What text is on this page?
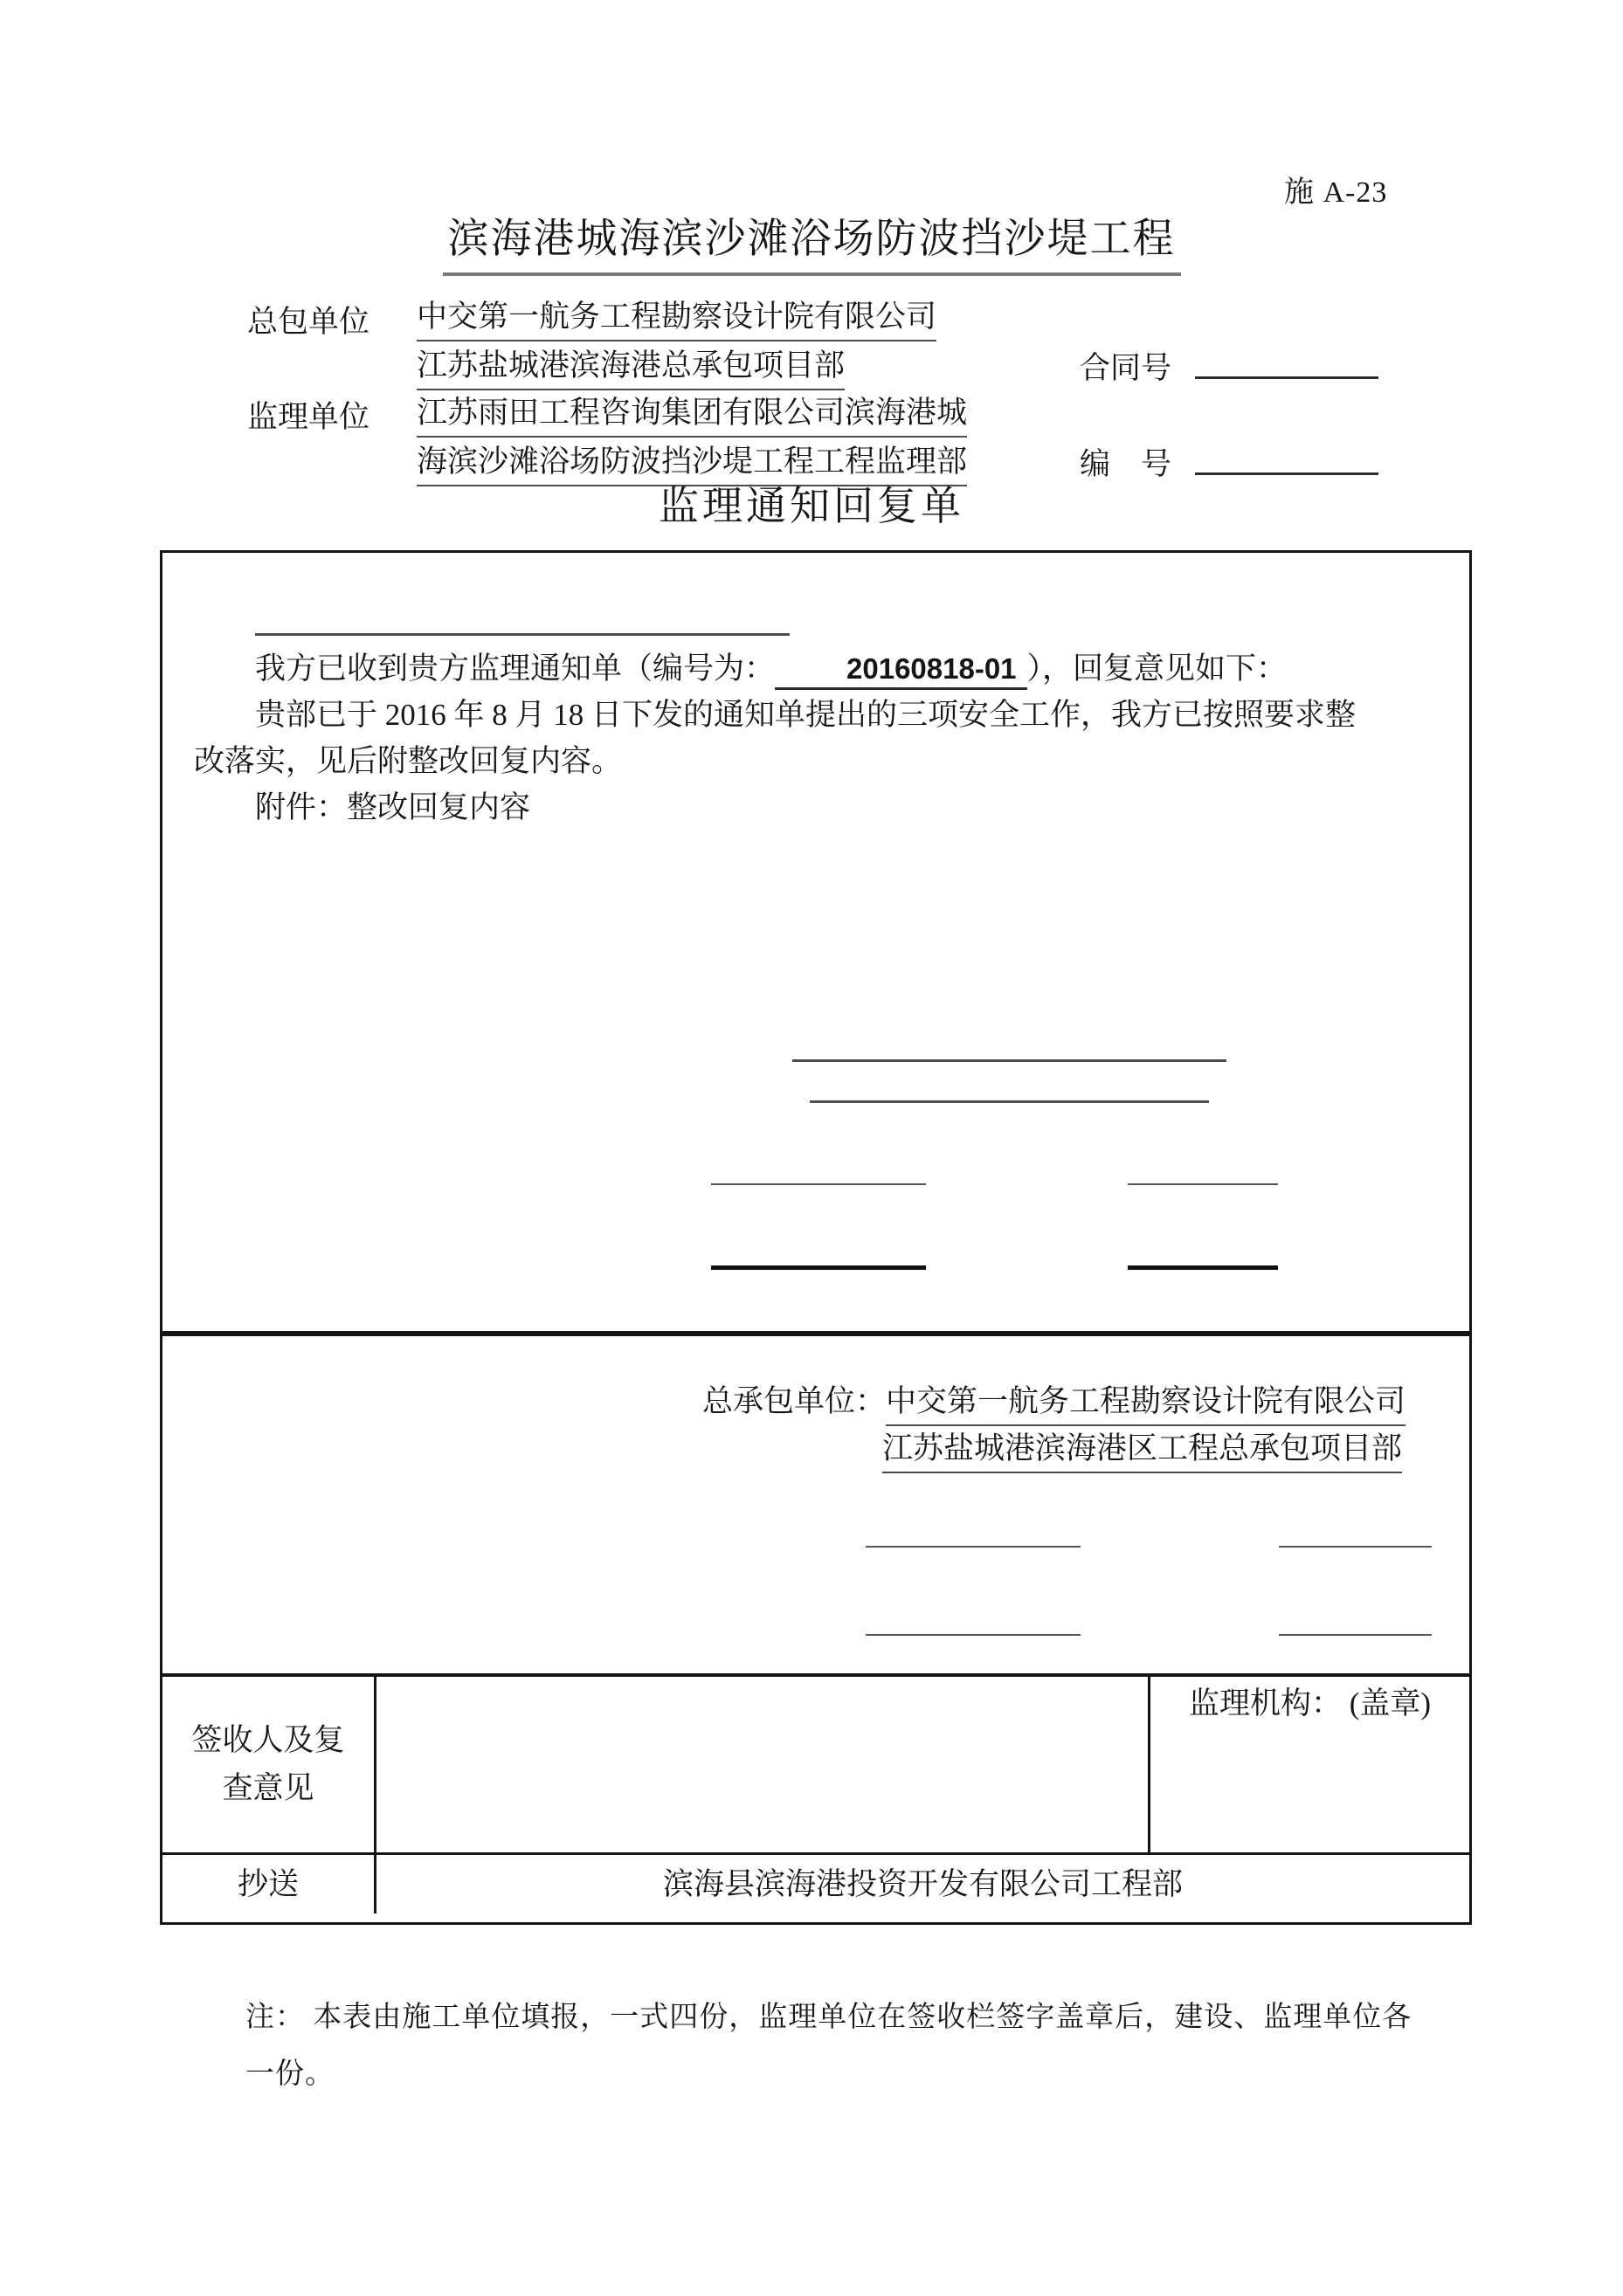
施 A-23
滨海港城海滨沙滩浴场防波挡沙堤工程
总包单位 中交第一航务工程勘察设计院有限公司
江苏盐城港滨海港总承包项目部	合同号
监理单位 江苏雨田工程咨询集团有限公司滨海港城
海滨沙滩浴场防波挡沙堤工程工程监理部	编　号
监理通知回复单
我方已收到贵方监理通知单（编号为： 20160818-01 ），回复意见如下：
贵部已于 2016 年 8 月 18 日下发的通知单提出的三项安全工作，我方已按照要求整
改落实，见后附整改回复内容。
附件：整改回复内容
总承包单位：中交第一航务工程勘察设计院有限公司
江苏盐城港滨海港区工程总承包项目部
签收人及复查意见
监理机构： (盖章)
抄送	滨海县滨海港投资开发有限公司工程部
注： 本表由施工单位填报，一式四份，监理单位在签收栏签字盖章后，建设、监理单位各
一份。
